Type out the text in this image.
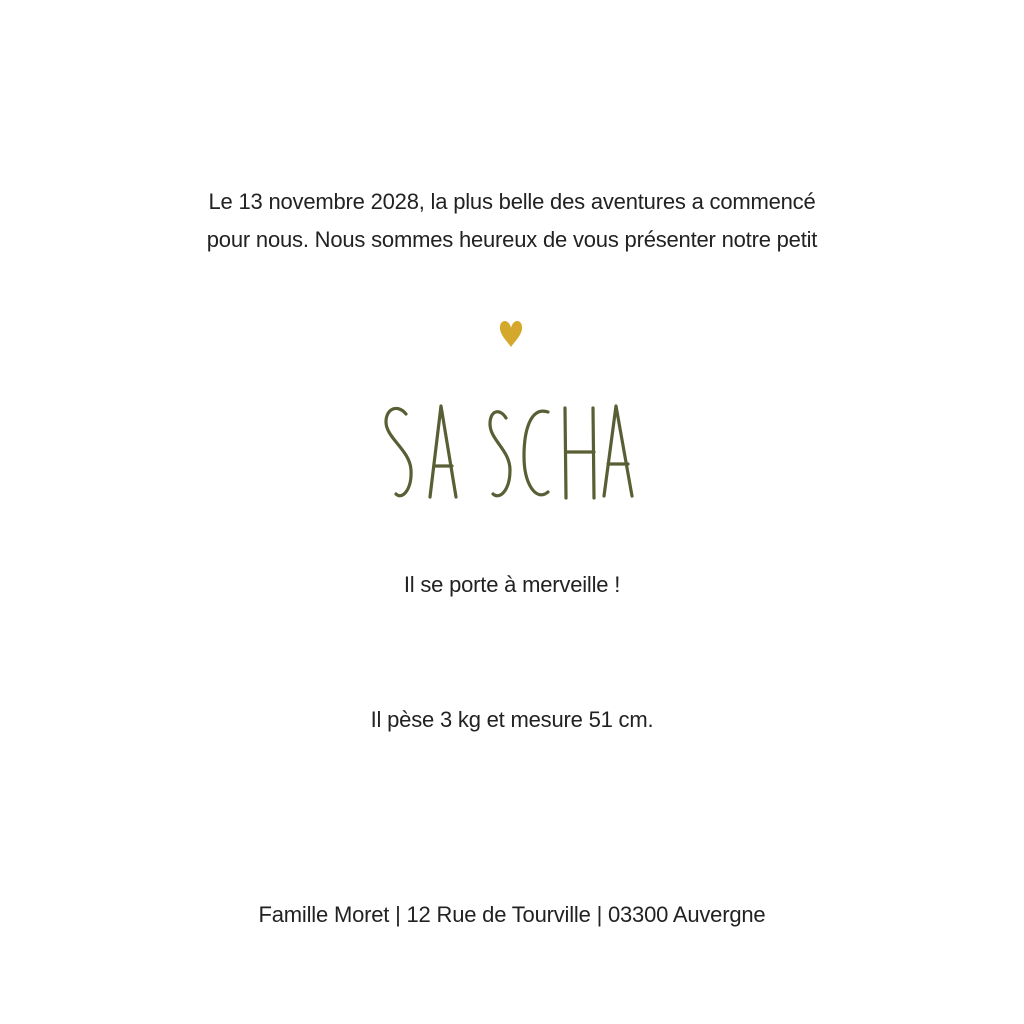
Le 13 novembre 2028, la plus belle des aventures a commencé
pour nous. Nous sommes heureux de vous présenter notre petit
Il se porte à merveille !
Il pèse 3 kg et mesure 51 cm.
Famille Moret | 12 Rue de Tourville | 03300 Auvergne
